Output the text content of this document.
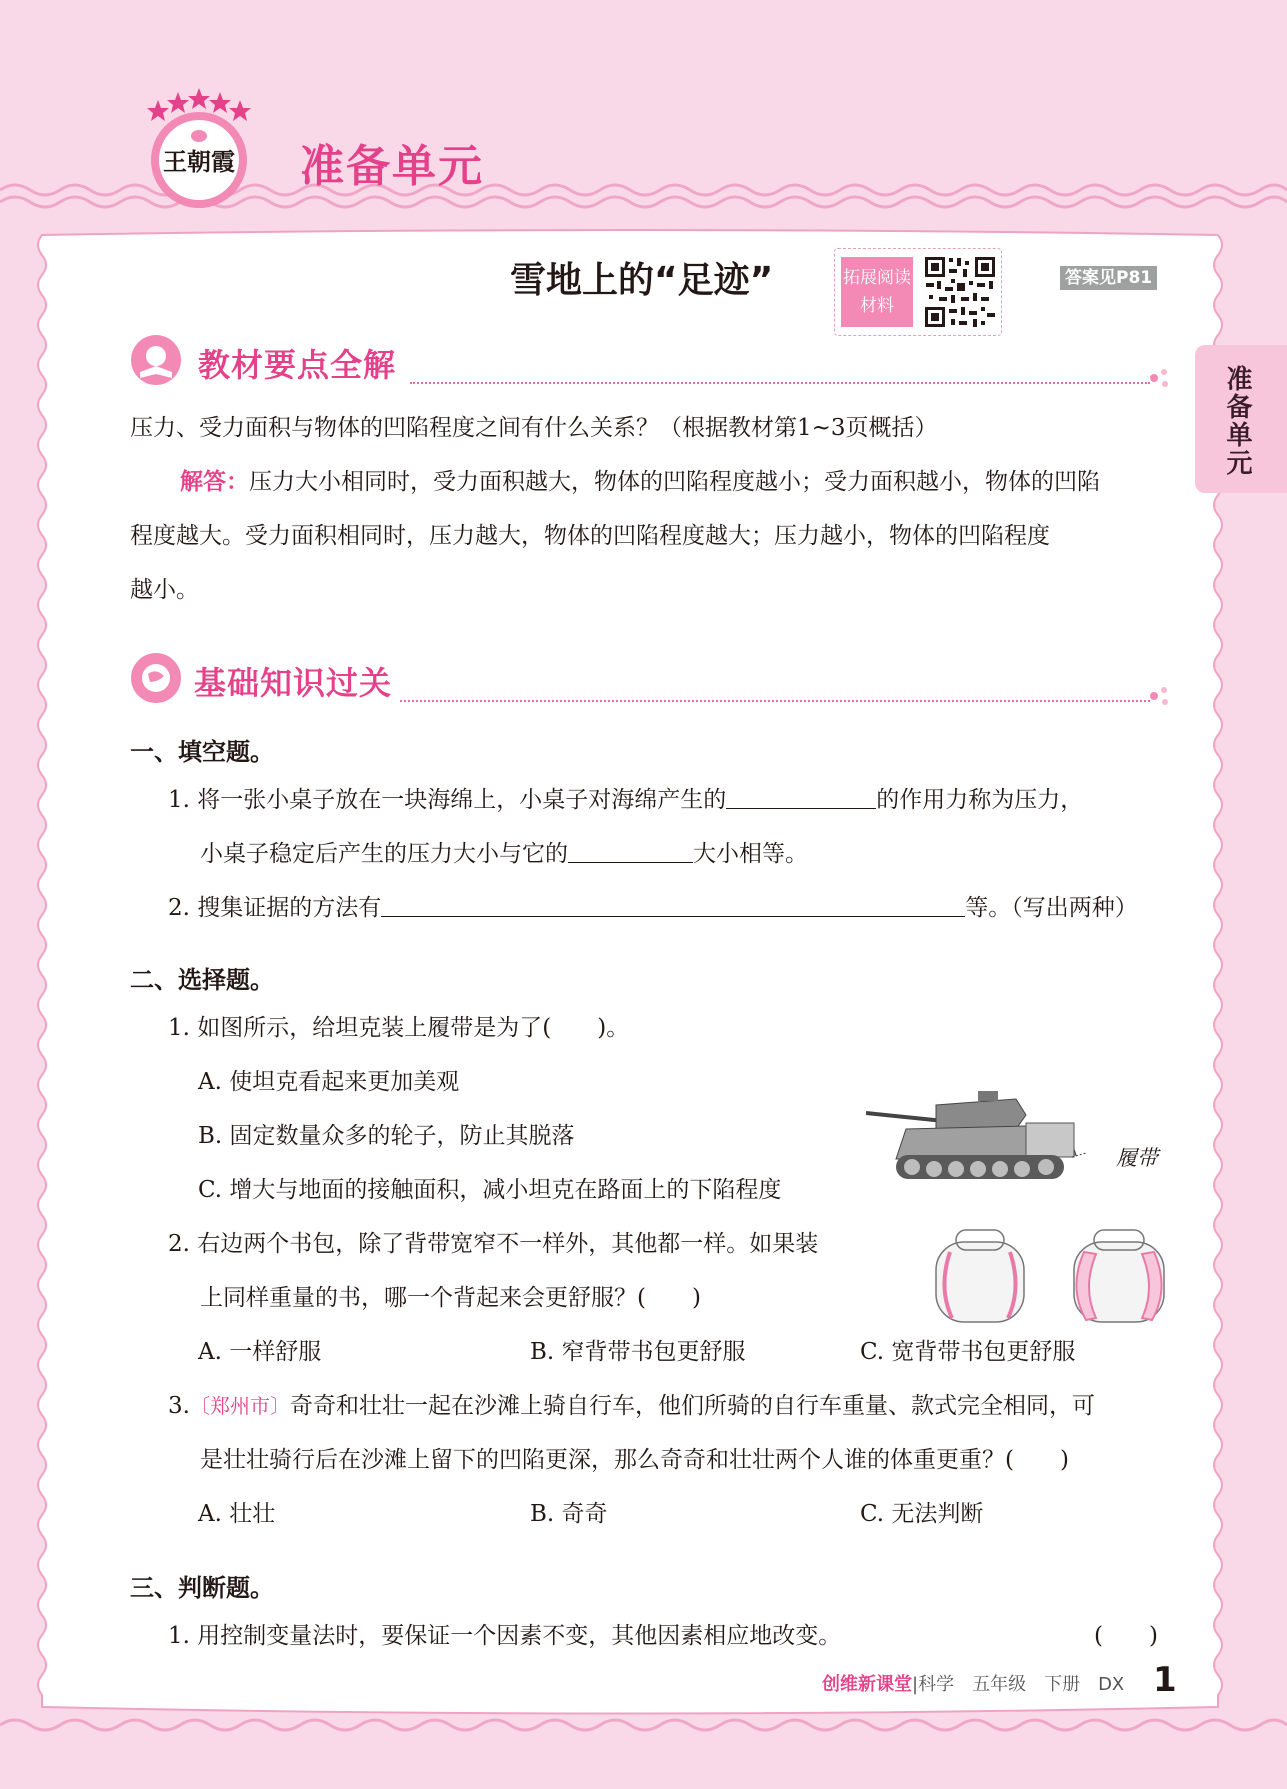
王朝霞 准备单元
准备单元
雪地上的“足迹”	拓展阅读
材料
答案见P81
教材要点全解
压力、受力面积与物体的凹陷程度之间有什么关系？（根据教材第1~3页概括）
解答：压力大小相同时，受力面积越大，物体的凹陷程度越小；受力面积越小，物体的凹陷
程度越大。受力面积相同时，压力越大，物体的凹陷程度越大；压力越小，物体的凹陷程度
越小。
基础知识过关
一、填空题。
1. 将一张小桌子放在一块海绵上，小桌子对海绵产生的	的作用力称为压力，
小桌子稳定后产生的压力大小与它的	大小相等。
2. 搜集证据的方法有	等。（写出两种）
二、选择题。
1. 如图所示，给坦克装上履带是为了(　　)。
A. 使坦克看起来更加美观
B. 固定数量众多的轮子，防止其脱落
C. 增大与地面的接触面积，减小坦克在路面上的下陷程度
履带
2. 右边两个书包，除了背带宽窄不一样外，其他都一样。如果装
上同样重量的书，哪一个背起来会更舒服？(　　)
A. 一样舒服	B. 窄背带书包更舒服	C. 宽背带书包更舒服
3.〔郑州市〕奇奇和壮壮一起在沙滩上骑自行车，他们所骑的自行车重量、款式完全相同，可
是壮壮骑行后在沙滩上留下的凹陷更深，那么奇奇和壮壮两个人谁的体重更重？(　　)
A. 壮壮	B. 奇奇	C. 无法判断
三、判断题。
1. 用控制变量法时，要保证一个因素不变，其他因素相应地改变。	(　　)
创维新课堂|科学　五年级　下册　DX 1
